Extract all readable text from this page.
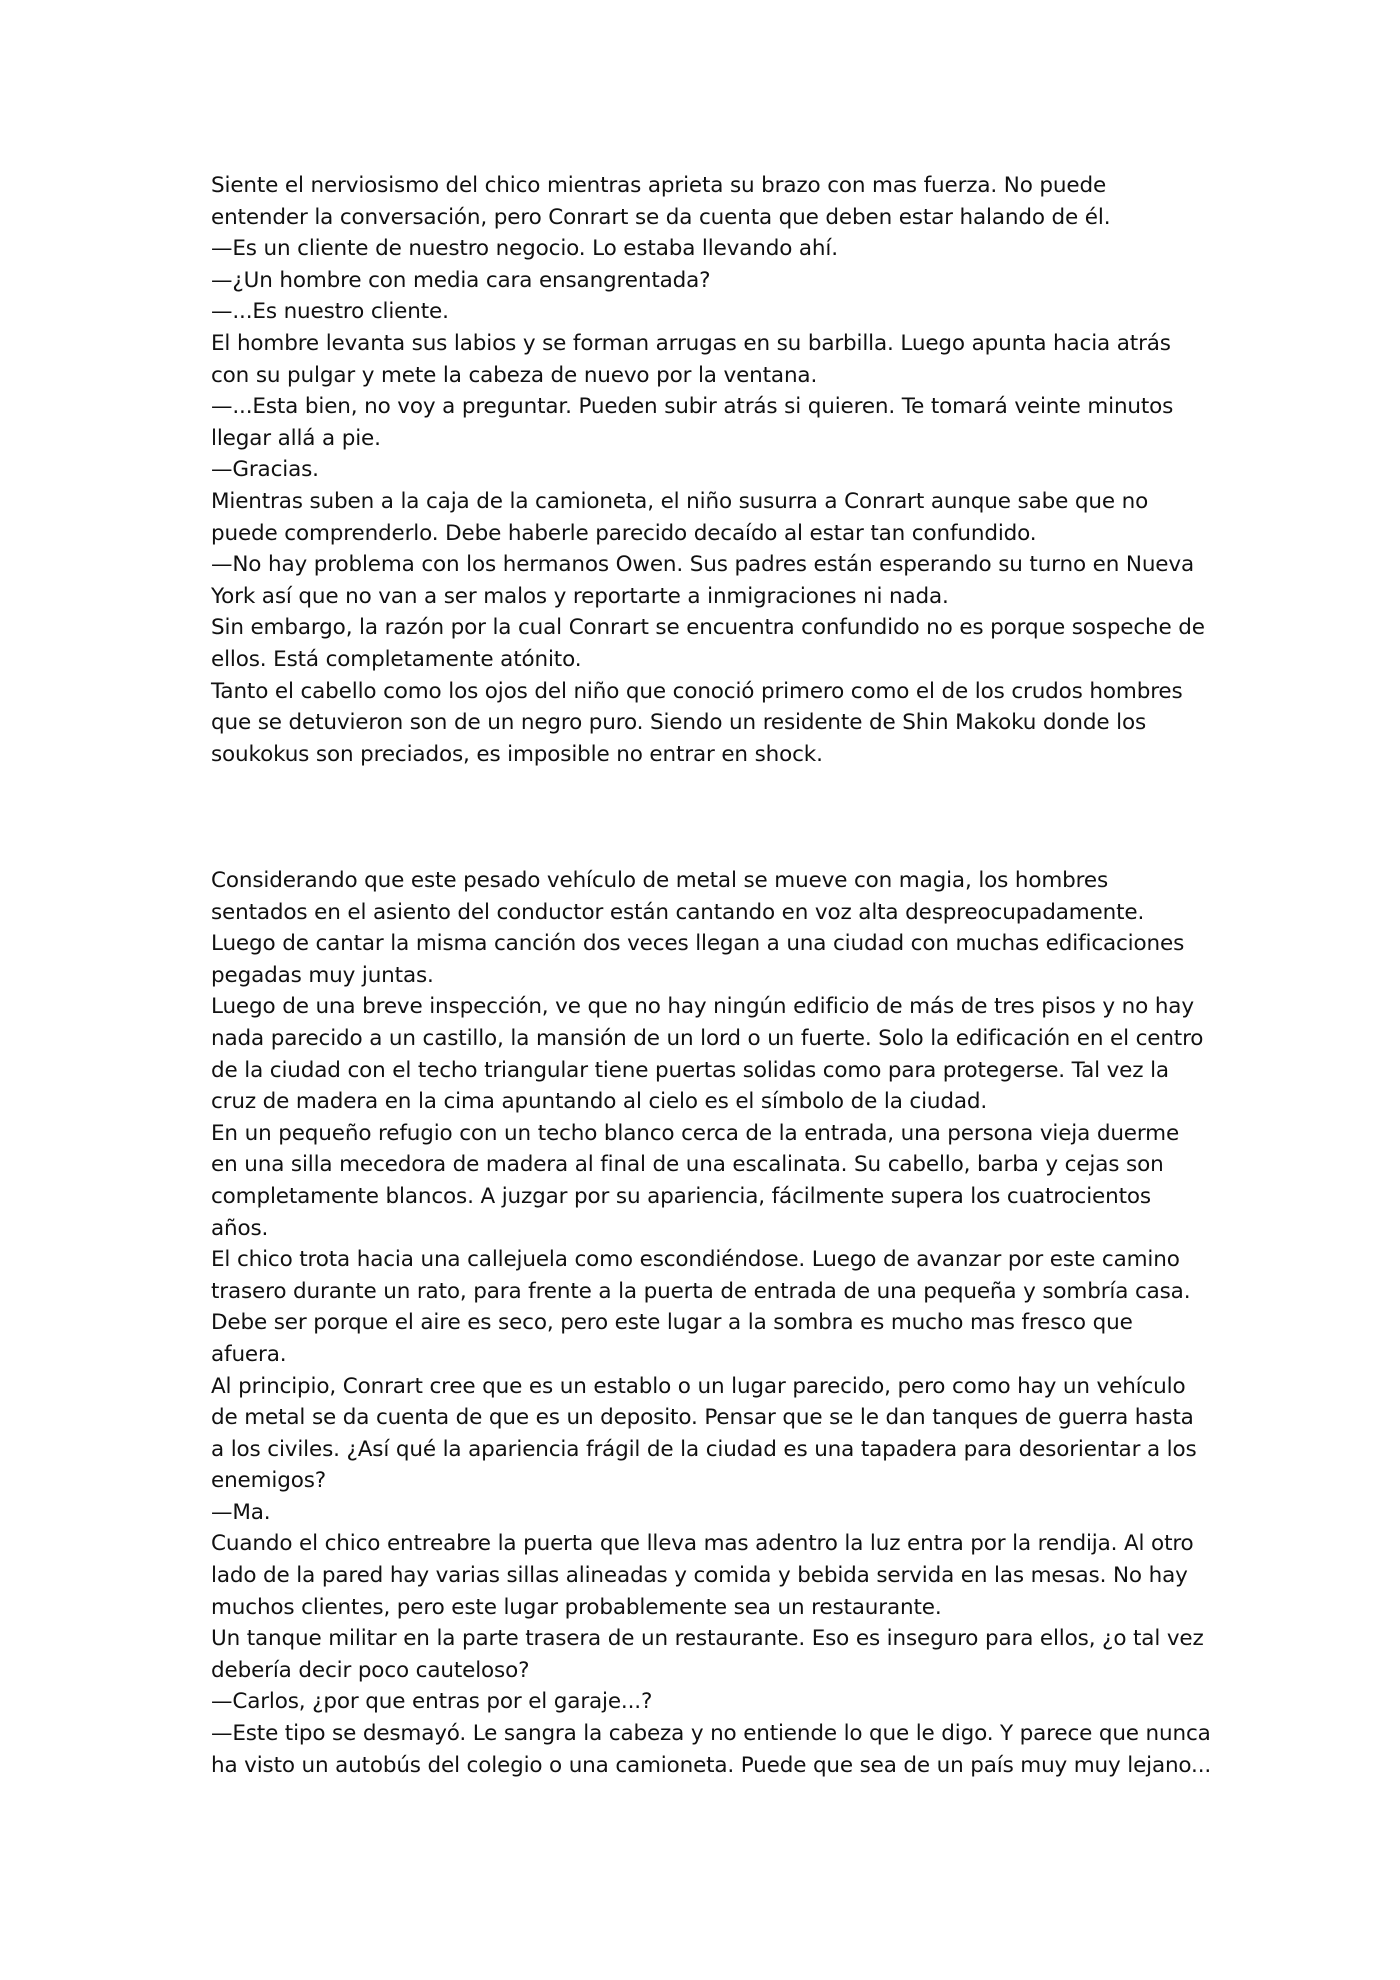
Siente el nerviosismo del chico mientras aprieta su brazo con mas fuerza. No puede
entender la conversación, pero Conrart se da cuenta que deben estar halando de él.
—Es un cliente de nuestro negocio. Lo estaba llevando ahí.
—¿Un hombre con media cara ensangrentada?
—...Es nuestro cliente.
El hombre levanta sus labios y se forman arrugas en su barbilla. Luego apunta hacia atrás
con su pulgar y mete la cabeza de nuevo por la ventana.
—...Esta bien, no voy a preguntar. Pueden subir atrás si quieren. Te tomará veinte minutos
llegar allá a pie.
—Gracias.
Mientras suben a la caja de la camioneta, el niño susurra a Conrart aunque sabe que no
puede comprenderlo. Debe haberle parecido decaído al estar tan confundido.
—No hay problema con los hermanos Owen. Sus padres están esperando su turno en Nueva
York así que no van a ser malos y reportarte a inmigraciones ni nada.
Sin embargo, la razón por la cual Conrart se encuentra confundido no es porque sospeche de
ellos. Está completamente atónito.
Tanto el cabello como los ojos del niño que conoció primero como el de los crudos hombres
que se detuvieron son de un negro puro. Siendo un residente de Shin Makoku donde los
soukokus son preciados, es imposible no entrar en shock.
Considerando que este pesado vehículo de metal se mueve con magia, los hombres
sentados en el asiento del conductor están cantando en voz alta despreocupadamente.
Luego de cantar la misma canción dos veces llegan a una ciudad con muchas edificaciones
pegadas muy juntas.
Luego de una breve inspección, ve que no hay ningún edificio de más de tres pisos y no hay
nada parecido a un castillo, la mansión de un lord o un fuerte. Solo la edificación en el centro
de la ciudad con el techo triangular tiene puertas solidas como para protegerse. Tal vez la
cruz de madera en la cima apuntando al cielo es el símbolo de la ciudad.
En un pequeño refugio con un techo blanco cerca de la entrada, una persona vieja duerme
en una silla mecedora de madera al final de una escalinata. Su cabello, barba y cejas son
completamente blancos. A juzgar por su apariencia, fácilmente supera los cuatrocientos
años.
El chico trota hacia una callejuela como escondiéndose. Luego de avanzar por este camino
trasero durante un rato, para frente a la puerta de entrada de una pequeña y sombría casa.
Debe ser porque el aire es seco, pero este lugar a la sombra es mucho mas fresco que
afuera.
Al principio, Conrart cree que es un establo o un lugar parecido, pero como hay un vehículo
de metal se da cuenta de que es un deposito. Pensar que se le dan tanques de guerra hasta
a los civiles. ¿Así qué la apariencia frágil de la ciudad es una tapadera para desorientar a los
enemigos?
—Ma.
Cuando el chico entreabre la puerta que lleva mas adentro la luz entra por la rendija. Al otro
lado de la pared hay varias sillas alineadas y comida y bebida servida en las mesas. No hay
muchos clientes, pero este lugar probablemente sea un restaurante.
Un tanque militar en la parte trasera de un restaurante. Eso es inseguro para ellos, ¿o tal vez
debería decir poco cauteloso?
—Carlos, ¿por que entras por el garaje...?
—Este tipo se desmayó. Le sangra la cabeza y no entiende lo que le digo. Y parece que nunca
ha visto un autobús del colegio o una camioneta. Puede que sea de un país muy muy lejano...
